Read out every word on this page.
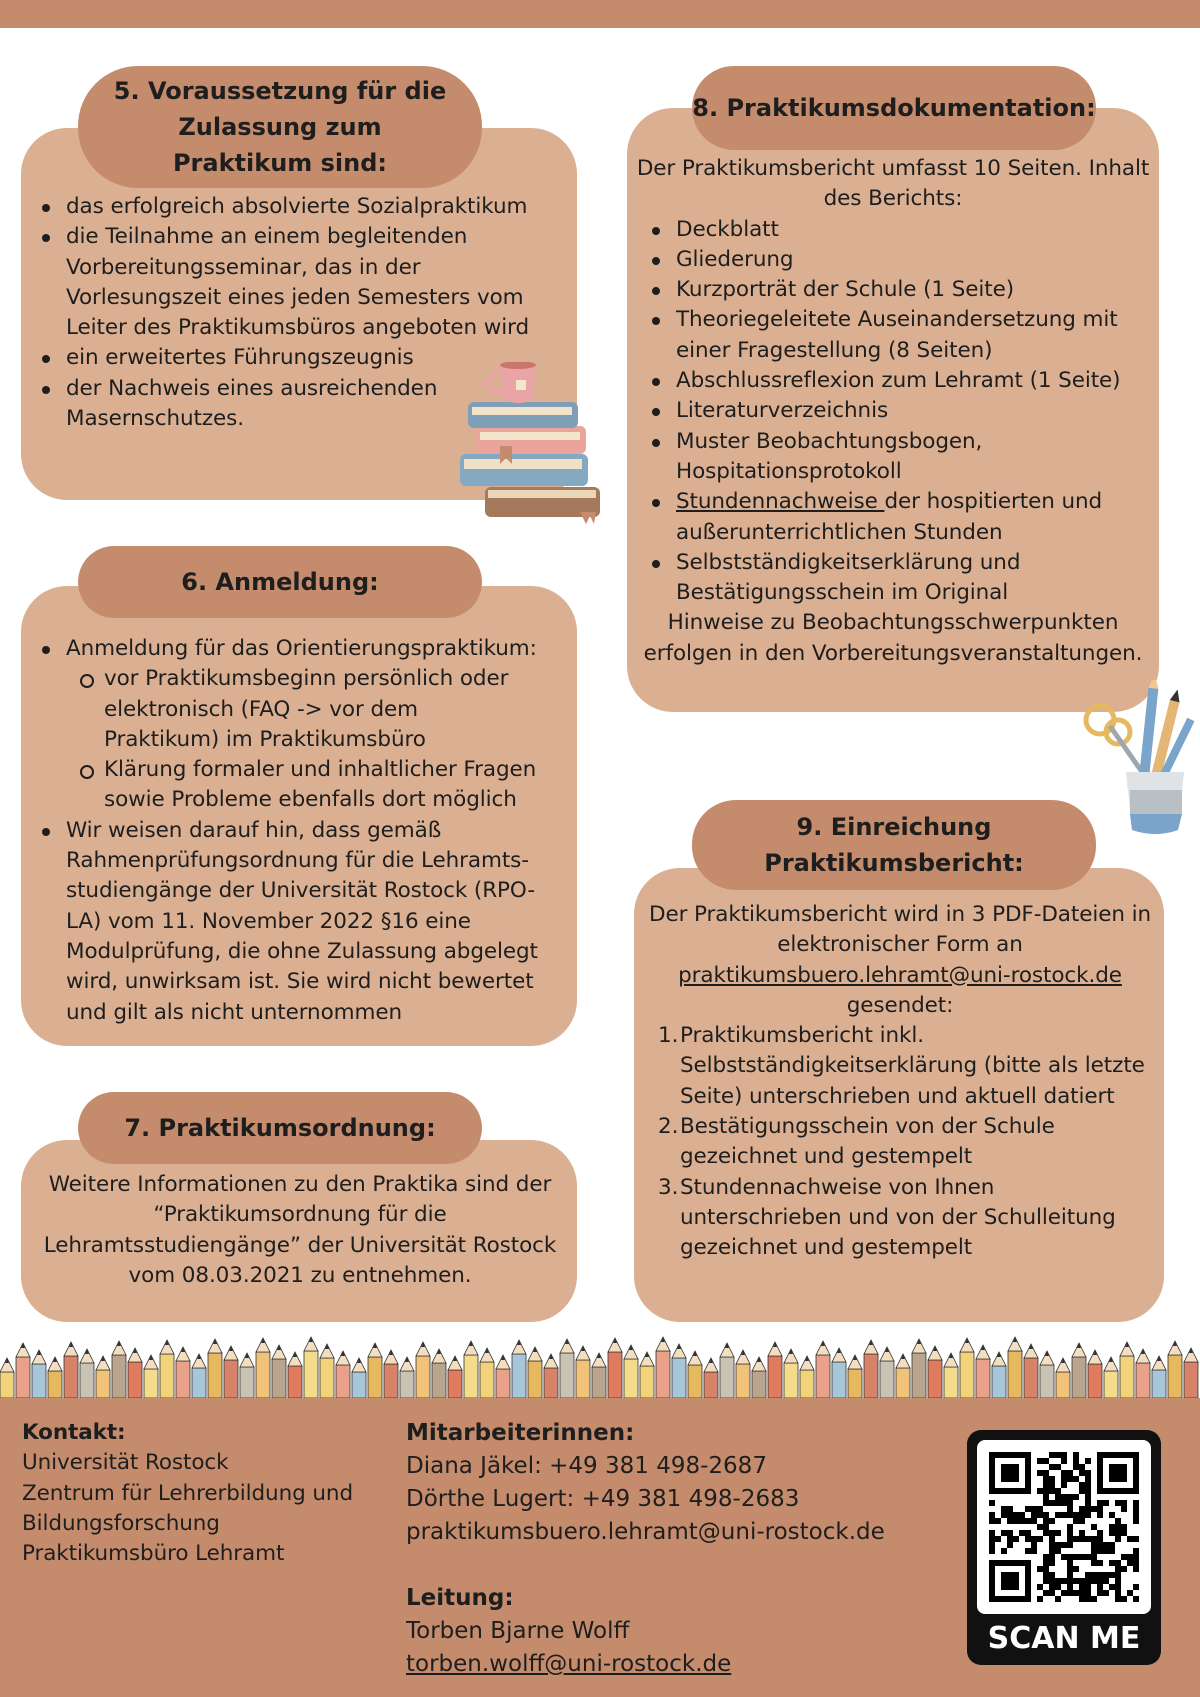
5. Voraussetzung für die Zulassung zum Praktikum sind:
das erfolgreich absolvierte Sozialpraktikum
die Teilnahme an einem begleitenden Vorbereitungsseminar, das in der Vorlesungszeit eines jeden Semesters vom Leiter des Praktikumsbüros angeboten wird
ein erweitertes Führungszeugnis
der Nachweis eines ausreichenden Masernschutzes.
6. Anmeldung:
Anmeldung für das Orientierungspraktikum:
vor Praktikumsbeginn persönlich oder elektronisch (FAQ -> vor dem Praktikum) im Praktikumsbüro
Klärung formaler und inhaltlicher Fragen sowie Probleme ebenfalls dort möglich
Wir weisen darauf hin, dass gemäß Rahmenprüfungsordnung für die Lehramts-studiengänge der Universität Rostock (RPO-LA) vom 11. November 2022 §16 eine Modulprüfung, die ohne Zulassung abgelegt wird, unwirksam ist. Sie wird nicht bewertet und gilt als nicht unternommen
7. Praktikumsordnung:
Weitere Informationen zu den Praktika sind der “Praktikumsordnung für die Lehramtsstudiengänge” der Universität Rostock vom 08.03.2021 zu entnehmen.
8. Praktikumsdokumentation:
Der Praktikumsbericht umfasst 10 Seiten. Inhalt des Berichts:
Deckblatt
Gliederung
Kurzporträt der Schule (1 Seite)
Theoriegeleitete Auseinandersetzung mit einer Fragestellung (8 Seiten)
Abschlussreflexion zum Lehramt (1 Seite)
Literaturverzeichnis
Muster Beobachtungsbogen, Hospitationsprotokoll
Stundennachweise der hospitierten und außerunterrichtlichen Stunden
Selbstständigkeitserklärung und Bestätigungsschein im Original
Hinweise zu Beobachtungsschwerpunkten erfolgen in den Vorbereitungsveranstaltungen.
9. Einreichung Praktikumsbericht:
Der Praktikumsbericht wird in 3 PDF-Dateien in elektronischer Form an
praktikumsbuero.lehramt@uni-rostock.de
gesendet:
1. Praktikumsbericht inkl. Selbstständigkeitserklärung (bitte als letzte Seite) unterschrieben und aktuell datiert
2. Bestätigungsschein von der Schule gezeichnet und gestempelt
3. Stundennachweise von Ihnen unterschrieben und von der Schulleitung gezeichnet und gestempelt
Kontakt:
Universität Rostock
Zentrum für Lehrerbildung und Bildungsforschung
Praktikumsbüro Lehramt
Mitarbeiterinnen:
Diana Jäkel: +49 381 498-2687
Dörthe Lugert: +49 381 498-2683
praktikumsbuero.lehramt@uni-rostock.de
Leitung:
Torben Bjarne Wolff
torben.wolff@uni-rostock.de
SCAN ME
